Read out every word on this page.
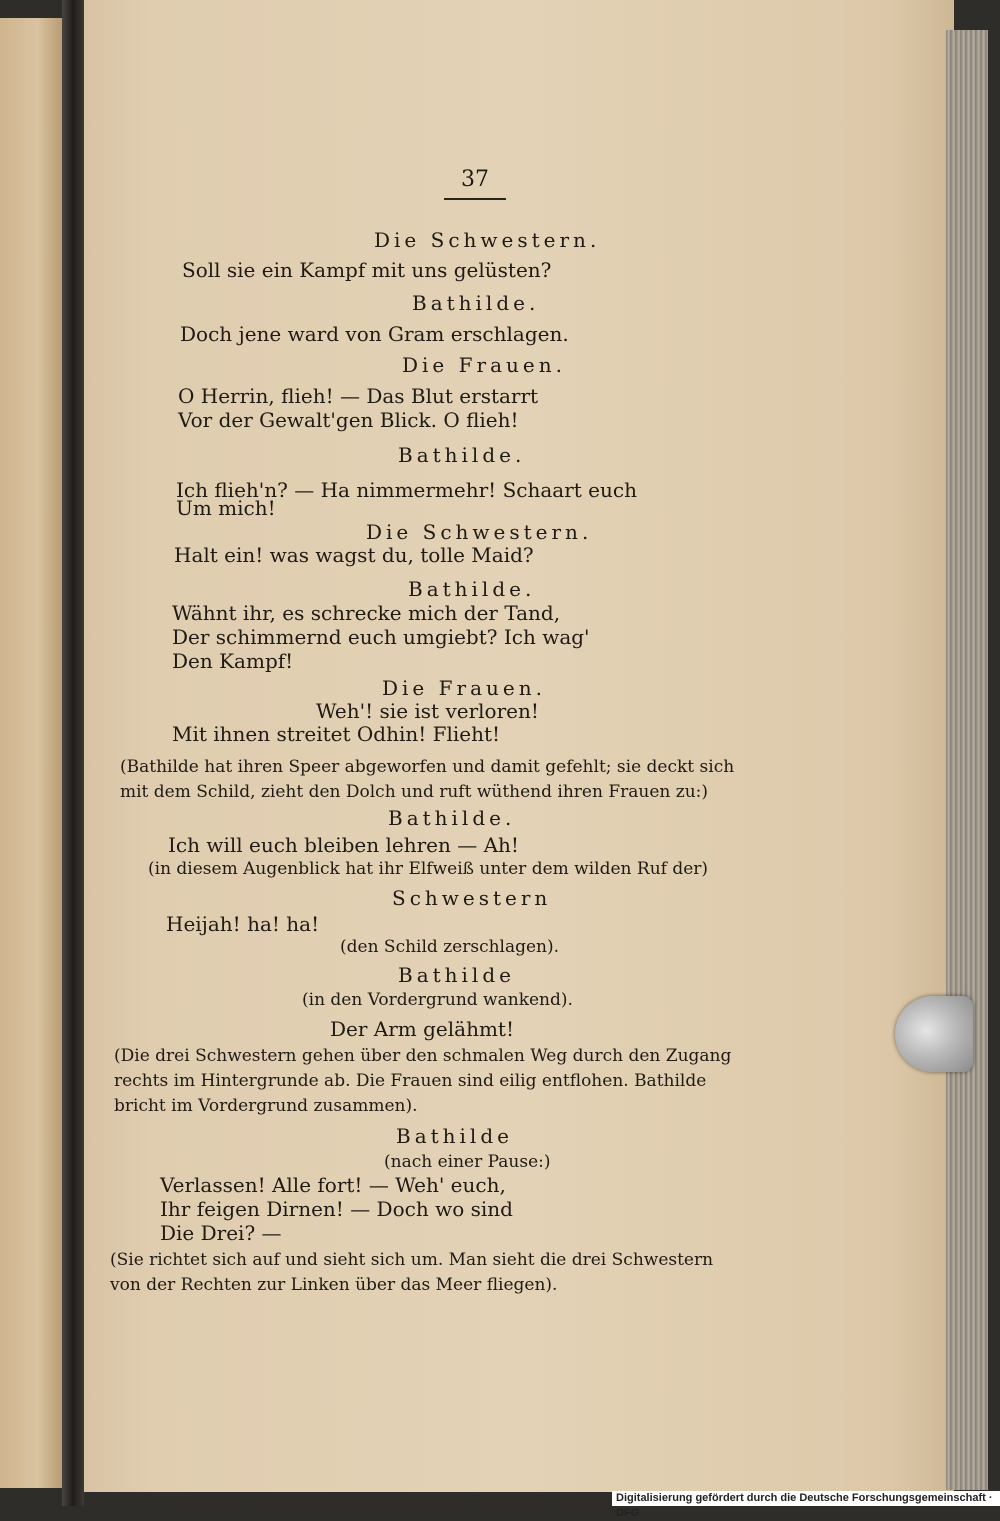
37
Die Schwestern.
Soll sie ein Kampf mit uns gelüsten?
Bathilde.
Doch jene ward von Gram erschlagen.
Die Frauen.
O Herrin, flieh! — Das Blut erstarrt
Vor der Gewalt'gen Blick. O flieh!
Bathilde.
Ich flieh'n? — Ha nimmermehr! Schaart euch
Um mich!
Die Schwestern.
Halt ein! was wagst du, tolle Maid?
Bathilde.
Wähnt ihr, es schrecke mich der Tand,
Der schimmernd euch umgiebt? Ich wag'
Den Kampf!
Die Frauen.
Weh'! sie ist verloren!
Mit ihnen streitet Odhin! Flieht!
(Bathilde hat ihren Speer abgeworfen und damit gefehlt; sie deckt sich
mit dem Schild, zieht den Dolch und ruft wüthend ihren Frauen zu:)
Bathilde.
Ich will euch bleiben lehren — Ah!
(in diesem Augenblick hat ihr Elfweiß unter dem wilden Ruf der)
Schwestern
Heijah! ha! ha!
(den Schild zerschlagen).
Bathilde
(in den Vordergrund wankend).
Der Arm gelähmt!
(Die drei Schwestern gehen über den schmalen Weg durch den Zugang
rechts im Hintergrunde ab. Die Frauen sind eilig entflohen. Bathilde
bricht im Vordergrund zusammen).
Bathilde
(nach einer Pause:)
Verlassen! Alle fort! — Weh' euch,
Ihr feigen Dirnen! — Doch wo sind
Die Drei? —
(Sie richtet sich auf und sieht sich um. Man sieht die drei Schwestern
von der Rechten zur Linken über das Meer fliegen).
Digitalisierung gefördert durch die Deutsche Forschungsgemeinschaft · DFG
